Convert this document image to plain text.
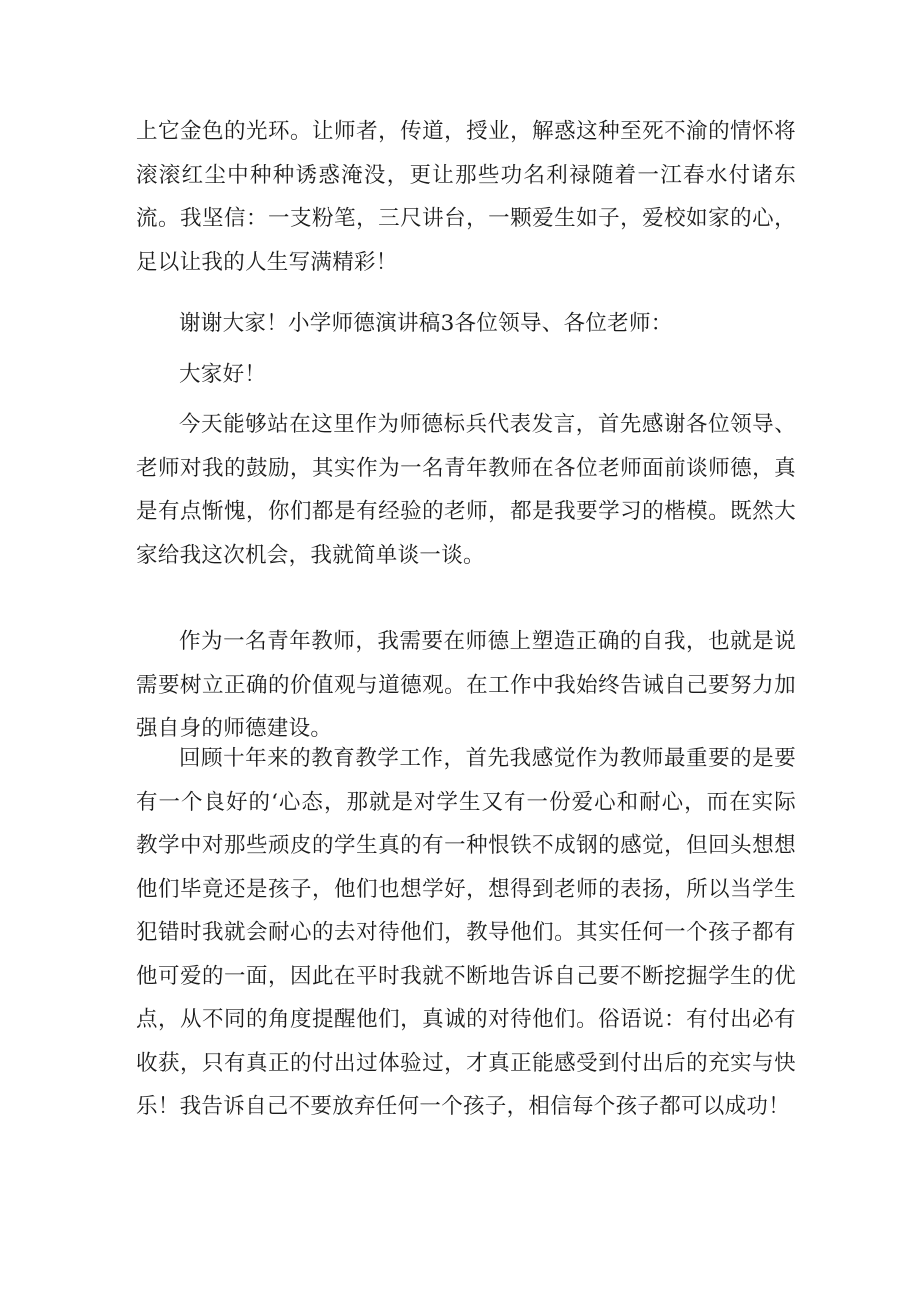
上它金色的光环。让师者，传道，授业，解惑这种至死不渝的情怀将滚滚红尘中种种诱惑淹没，更让那些功名利禄随着一江春水付诸东流。我坚信：一支粉笔，三尺讲台，一颗爱生如子，爱校如家的心，足以让我的人生写满精彩！

谢谢大家！小学师德演讲稿3各位领导、各位老师：

大家好！

今天能够站在这里作为师德标兵代表发言，首先感谢各位领导、老师对我的鼓励，其实作为一名青年教师在各位老师面前谈师德，真是有点惭愧，你们都是有经验的老师，都是我要学习的楷模。既然大家给我这次机会，我就简单谈一谈。

作为一名青年教师，我需要在师德上塑造正确的自我，也就是说需要树立正确的价值观与道德观。在工作中我始终告诫自己要努力加强自身的师德建设。

回顾十年来的教育教学工作，首先我感觉作为教师最重要的是要有一个良好的‘心态，那就是对学生又有一份爱心和耐心，而在实际教学中对那些顽皮的学生真的有一种恨铁不成钢的感觉，但回头想想他们毕竟还是孩子，他们也想学好，想得到老师的表扬，所以当学生犯错时我就会耐心的去对待他们，教导他们。其实任何一个孩子都有他可爱的一面，因此在平时我就不断地告诉自己要不断挖掘学生的优点，从不同的角度提醒他们，真诚的对待他们。俗语说：有付出必有收获，只有真正的付出过体验过，才真正能感受到付出后的充实与快乐！我告诉自己不要放弃任何一个孩子，相信每个孩子都可以成功！
